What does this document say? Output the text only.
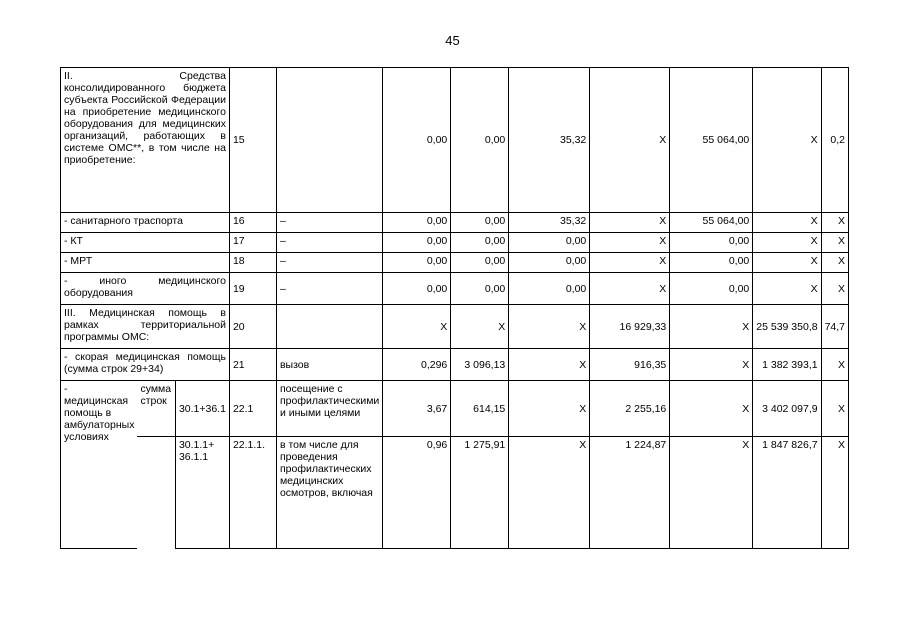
45
II. Средства консолидированного бюджета субъекта Российской Федерации на приобретение медицинского оборудования для медицинских организаций, работающих в системе ОМС**, в том числе на приобретение:			15		0,00	0,00	35,32	X	55 064,00	X	0,2
- санитарного траспорта			16	–	0,00	0,00	35,32	X	55 064,00	X	X
- КТ			17	–	0,00	0,00	0,00	X	0,00	X	X
- МРТ			18	–	0,00	0,00	0,00	X	0,00	X	X
- иного медицинского оборудования			19	–	0,00	0,00	0,00	X	0,00	X	X
III. Медицинская помощь в рамках территориальной программы ОМС:			20		X	X	X	16 929,33	X	25 539 350,8	74,7
- скорая медицинская помощь (сумма строк 29+34)			21	вызов	0,296	3 096,13	X	916,35	X	1 382 393,1	X
- медицинская помощь в амбулаторных условиях	сумма строк	30.1+36.1	22.1	посещение с профилактическими и иными целями	3,67	614,15	X	2 255,16	X	3 402 097,9	X
		30.1.1+ 36.1.1	22.1.1.	в том числе для проведения профилактических медицинских осмотров, включая	0,96	1 275,91	X	1 224,87	X	1 847 826,7	X
